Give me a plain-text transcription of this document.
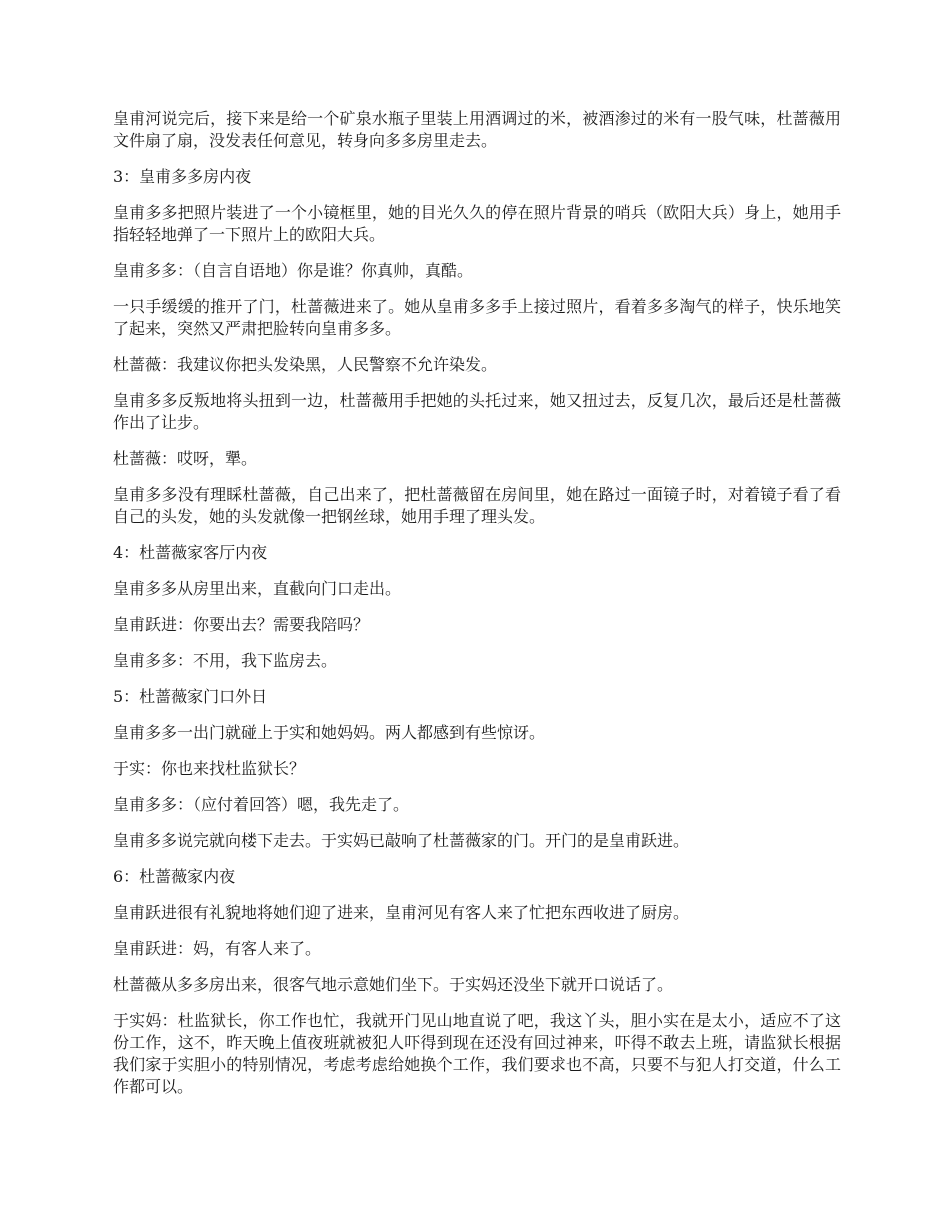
皇甫河说完后，接下来是给一个矿泉水瓶子里装上用酒调过的米，被酒渗过的米有一股气味，杜蔷薇用文件扇了扇，没发表任何意见，转身向多多房里走去。

3：皇甫多多房内夜

皇甫多多把照片装进了一个小镜框里，她的目光久久的停在照片背景的哨兵（欧阳大兵）身上，她用手指轻轻地弹了一下照片上的欧阳大兵。

皇甫多多：（自言自语地）你是谁？你真帅，真酷。

一只手缓缓的推开了门，杜蔷薇进来了。她从皇甫多多手上接过照片，看着多多淘气的样子，快乐地笑了起来，突然又严肃把脸转向皇甫多多。

杜蔷薇：我建议你把头发染黑，人民警察不允许染发。

皇甫多多反叛地将头扭到一边，杜蔷薇用手把她的头托过来，她又扭过去，反复几次，最后还是杜蔷薇作出了让步。

杜蔷薇：哎呀，犟。

皇甫多多没有理睬杜蔷薇，自己出来了，把杜蔷薇留在房间里，她在路过一面镜子时，对着镜子看了看自己的头发，她的头发就像一把钢丝球，她用手理了理头发。

4：杜蔷薇家客厅内夜

皇甫多多从房里出来，直截向门口走出。

皇甫跃进：你要出去？需要我陪吗？

皇甫多多：不用，我下监房去。

5：杜蔷薇家门口外日

皇甫多多一出门就碰上于实和她妈妈。两人都感到有些惊讶。

于实：你也来找杜监狱长？

皇甫多多：（应付着回答）嗯，我先走了。

皇甫多多说完就向楼下走去。于实妈已敲响了杜蔷薇家的门。开门的是皇甫跃进。

6：杜蔷薇家内夜

皇甫跃进很有礼貌地将她们迎了进来，皇甫河见有客人来了忙把东西收进了厨房。

皇甫跃进：妈，有客人来了。

杜蔷薇从多多房出来，很客气地示意她们坐下。于实妈还没坐下就开口说话了。

于实妈：杜监狱长，你工作也忙，我就开门见山地直说了吧，我这丫头，胆小实在是太小，适应不了这份工作，这不，昨天晚上值夜班就被犯人吓得到现在还没有回过神来，吓得不敢去上班，请监狱长根据我们家于实胆小的特别情况，考虑考虑给她换个工作，我们要求也不高，只要不与犯人打交道，什么工作都可以。
